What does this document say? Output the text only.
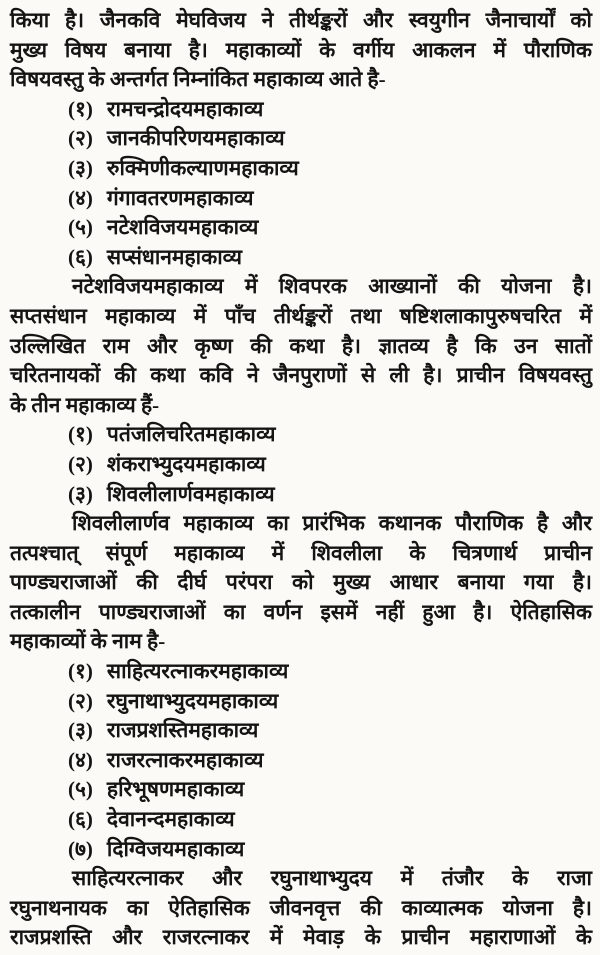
किया है। जैनकवि मेघविजय ने तीर्थङ्करों और स्वयुगीन जैनाचार्यों को
मुख्य विषय बनाया है। महाकाव्यों के वर्गीय आकलन में पौराणिक
विषयवस्तु के अन्तर्गत निम्नांकित महाकाव्य आते है-
(१) रामचन्द्रोदयमहाकाव्य
(२) जानकीपरिणयमहाकाव्य
(३) रुक्मिणीकल्याणमहाकाव्य
(४) गंगावतरणमहाकाव्य
(५) नटेशविजयमहाकाव्य
(६) सप्संधानमहाकाव्य
नटेशविजयमहाकाव्य में शिवपरक आख्यानों की योजना है।
सप्तसंधान महाकाव्य में पाँच तीर्थङ्करों तथा षष्टिशलाकापुरुषचरित में
उल्लिखित राम और कृष्ण की कथा है। ज्ञातव्य है कि उन सातों
चरितनायकों की कथा कवि ने जैनपुराणों से ली है। प्राचीन विषयवस्तु
के तीन महाकाव्य हैं-
(१) पतंजलिचरितमहाकाव्य
(२) शंकराभ्युदयमहाकाव्य
(३) शिवलीलार्णवमहाकाव्य
शिवलीलार्णव महाकाव्य का प्रारंभिक कथानक पौराणिक है और
तत्पश्चात् संपूर्ण महाकाव्य में शिवलीला के चित्रणार्थ प्राचीन
पाण्ड्यराजाओं की दीर्घ परंपरा को मुख्य आधार बनाया गया है।
तत्कालीन पाण्ड्यराजाओं का वर्णन इसमें नहीं हुआ है। ऐतिहासिक
महाकाव्यों के नाम है-
(१) साहित्यरत्नाकरमहाकाव्य
(२) रघुनाथाभ्युदयमहाकाव्य
(३) राजप्रशस्तिमहाकाव्य
(४) राजरत्नाकरमहाकाव्य
(५) हरिभूषणमहाकाव्य
(६) देवानन्दमहाकाव्य
(७) दिग्विजयमहाकाव्य
साहित्यरत्नाकर और रघुनाथाभ्युदय में तंजौर के राजा
रघुनाथनायक का ऐतिहासिक जीवनवृत्त की काव्यात्मक योजना है।
राजप्रशस्ति और राजरत्नाकर में मेवाड़ के प्राचीन महाराणाओं के
